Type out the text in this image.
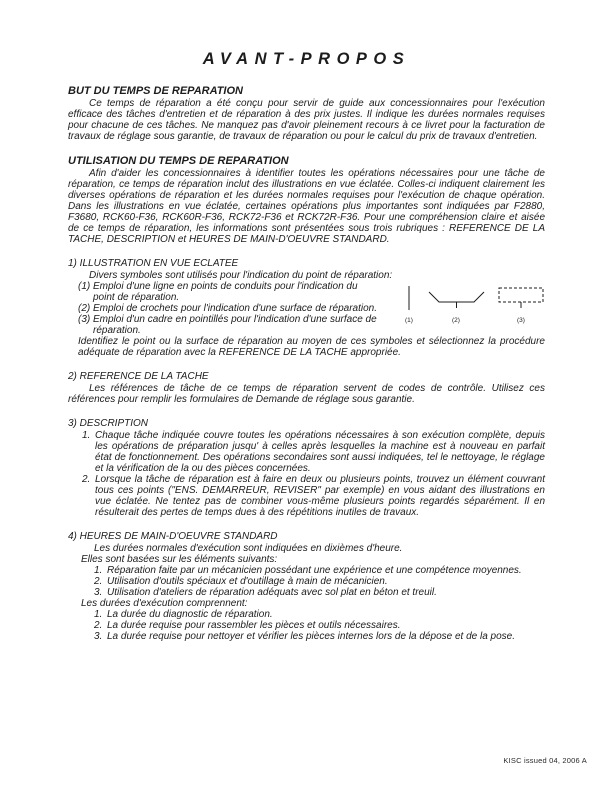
AVANT-PROPOS
BUT DU TEMPS DE REPARATION

Ce temps de réparation a été conçu pour servir de guide aux concessionnaires pour l'exécution efficace des tâches d'entretien et de réparation à des prix justes. Il indique les durées normales requises pour chacune de ces tâches. Ne manquez pas d'avoir pleinement recours à ce livret pour la facturation de travaux de réglage sous garantie, de travaux de réparation ou pour le calcul du prix de travaux d'entretien.

UTILISATION DU TEMPS DE REPARATION

Afin d'aider les concessionnaires à identifier toutes les opérations nécessaires pour une tâche de réparation, ce temps de réparation inclut des illustrations en vue éclatée. Colles-ci indiquent clairement les diverses opérations de réparation et les durées normales requises pour l'exécution de chaque opération. Dans les illustrations en vue éclatée, certaines opérations plus importantes sont indiquées par F2880, F3680, RCK60-F36, RCK60R-F36, RCK72-F36 et RCK72R-F36. Pour une compréhension claire et aisée de ce temps de réparation, les informations sont présentées sous trois rubriques : REFERENCE DE LA TACHE, DESCRIPTION et HEURES DE MAIN-D'OEUVRE STANDARD.

1) ILLUSTRATION EN VUE ECLATEE

Divers symboles sont utilisés pour l'indication du point de réparation:

(1) Emploi d'une ligne en points de conduits pour l'indication du point de réparation.
(2) Emploi de crochets pour l'indication d'une surface de réparation.
(3) Emploi d'un cadre en pointillés pour l'indication d'une surface de réparation.
(1)	(2)	(3)

Identifiez le point ou la surface de réparation au moyen de ces symboles et sélectionnez la procédure adéquate de réparation avec la REFERENCE DE LA TACHE appropriée.

2) REFERENCE DE LA TACHE

Les références de tâche de ce temps de réparation servent de codes de contrôle. Utilisez ces références pour remplir les formulaires de Demande de réglage sous garantie.

3) DESCRIPTION
1. Chaque tâche indiquée couvre toutes les opérations nécessaires à son exécution complète, depuis les opérations de préparation jusqu' à celles après lesquelles la machine est à nouveau en parfait état de fonctionnement. Des opérations secondaires sont aussi indiquées, tel le nettoyage, le réglage et la vérification de la ou des pièces concernées.
2. Lorsque la tâche de réparation est à faire en deux ou plusieurs points, trouvez un élément couvrant tous ces points ("ENS. DEMARREUR, REVISER" par exemple) en vous aidant des illustrations en vue éclatée. Ne tentez pas de combiner vous-même plusieurs points regardés séparément. Il en résulterait des pertes de temps dues à des répétitions inutiles de travaux.
4) HEURES DE MAIN-D'OEUVRE STANDARD

Les durées normales d'exécution sont indiquées en dixièmes d'heure.

Elles sont basées sur les éléments suivants:

1. Réparation faite par un mécanicien possédant une expérience et une compétence moyennes.
2. Utilisation d'outils spéciaux et d'outillage à main de mécanicien.
3. Utilisation d'ateliers de réparation adéquats avec sol plat en béton et treuil.

Les durées d'exécution comprennent:

1. La durée du diagnostic de réparation.
2. La durée requise pour rassembler les pièces et outils nécessaires.
3. La durée requise pour nettoyer et vérifier les pièces internes lors de la dépose et de la pose.
KISC issued 04, 2006 A
